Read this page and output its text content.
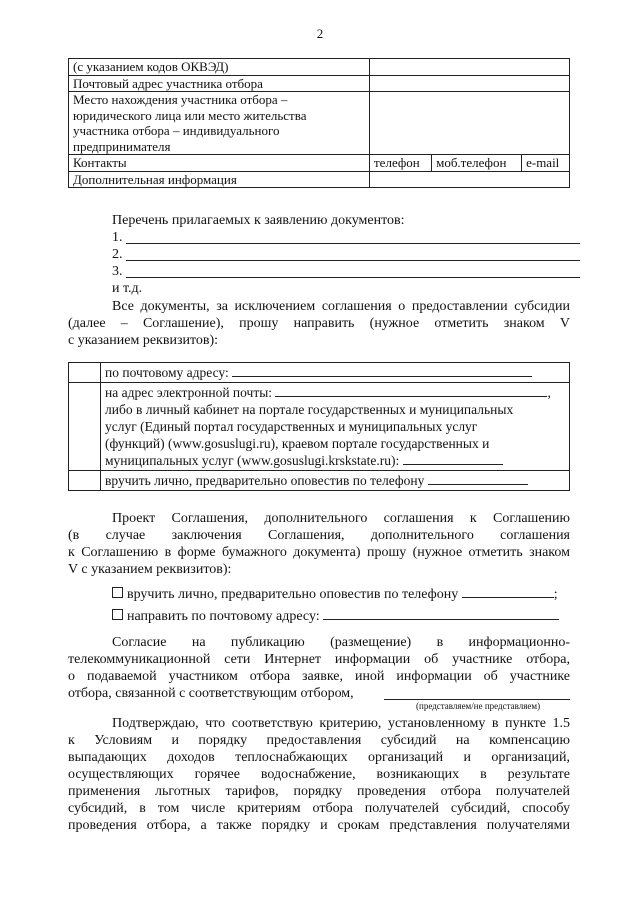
2
(с указанием кодов ОКВЭД)			
Почтовый адрес участника отбора			

Место нахождения участника отбора –
юридического лица или место жительства
участника отбора – индивидуального
предпринимателя			

Контакты	телефон	моб.телефон	e-mail
Дополнительная информация			
Перечень прилагаемых к заявлению документов:
1.
2.
3.
и т.д.
Все документы, за исключением соглашения о предоставлении субсидии
(далее – Соглашение), прошу направить (нужное отметить знаком V
с указанием реквизитов):
	по почтовому адресу:

	на адрес электронной почты: ,
либо в личный кабинет на портале государственных и муниципальных
услуг (Единый портал государственных и муниципальных услуг
(функций) (www.gosuslugi.ru), краевом портале государственных и
муниципальных услуг (www.gosuslugi.krskstate.ru):

	вручить лично, предварительно оповестив по телефону
Проект Соглашения, дополнительного соглашения к Соглашению
(в случае заключения Соглашения, дополнительного соглашения
к Соглашению в форме бумажного документа) прошу (нужное отметить знаком
V с указанием реквизитов):
вручить лично, предварительно оповестив по телефону	;
направить по почтовому адресу:
Согласие на публикацию (размещение) в информационно-
телекоммуникационной сети Интернет информации об участнике отбора,
о подаваемой участником отбора заявке, иной информации об участнике
отбора, связанной с соответствующим отбором,
(представляем/не представляем)
Подтверждаю, что соответствую критерию, установленному в пункте 1.5
к Условиям и порядку предоставления субсидий на компенсацию
выпадающих доходов теплоснабжающих организаций и организаций,
осуществляющих горячее водоснабжение, возникающих в результате
применения льготных тарифов, порядку проведения отбора получателей
субсидий, в том числе критериям отбора получателей субсидий, способу
проведения отбора, а также порядку и срокам представления получателями
